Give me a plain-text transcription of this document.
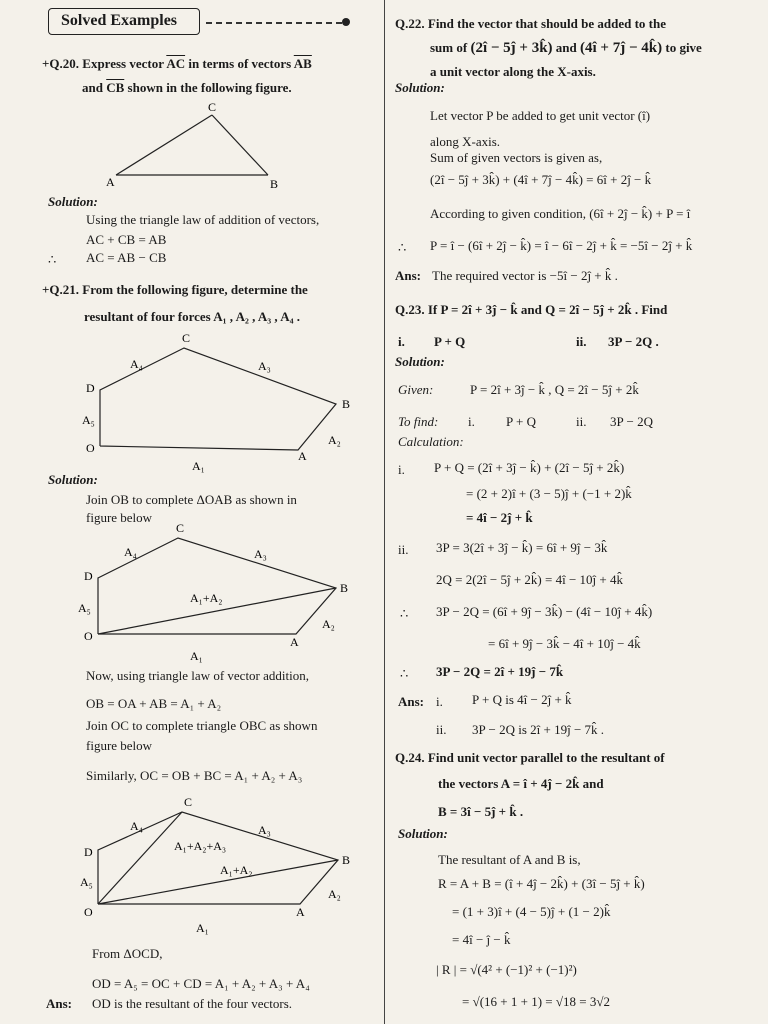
Solved Examples
+Q.20. Express vector $\overline{AC}$ in terms of vectors $\overline{AB}$
and $\overline{CB}$ shown in the following figure.
C
A	B
Solution:
Using the triangle law of addition of vectors,
AC + CB = AB
∴ AC = AB − CB
+Q.21. From the following figure, determine the
resultant of four forces A₁ , A₂ , A₃ , A₄ .
C
D
B
O
A
A₁
A₂
A₃
A₄
A₅
Solution:
Join OB to complete ΔOAB as shown in
figure below
C
D
B
O	A
A₁
A₂
A₃
A₄
A₅
A₁+A₂
Now, using triangle law of vector addition,
OB = OA + AB = A₁ + A₂
Join OC to complete triangle OBC as shown
figure below
Similarly, OC = OB + BC = A₁ + A₂ + A₃
C
D
B
O	A
A₁
A₂
A₃
A₄
A₅
A₁+A₂+A₃
A₁+A₂
From ΔOCD,
OD = A₅ = OC + CD = A₁ + A₂ + A₃ + A₄
Ans: OD is the resultant of the four vectors.
Q.22. Find the vector that should be added to the
sum of (2î − 5ĵ + 3k̂) and (4î + 7ĵ − 4k̂) to give
a unit vector along the X-axis.
Solution:
Let vector P be added to get unit vector (î)
along X-axis.
Sum of given vectors is given as,
(2î − 5ĵ + 3k̂) + (4î + 7ĵ − 4k̂) = 6î + 2ĵ − k̂
According to given condition, (6î + 2ĵ − k̂) + P = î
∴ P = î − (6î + 2ĵ − k̂) = î − 6î − 2ĵ + k̂ = −5î − 2ĵ + k̂
Ans: The required vector is −5î − 2ĵ + k̂ .
Q.23. If P = 2î + 3ĵ − k̂ and Q = 2î − 5ĵ + 2k̂ . Find
i. P + Q	ii. 3P − 2Q .
Solution:
Given:	P = 2î + 3ĵ − k̂ , Q = 2î − 5ĵ + 2k̂
To find: i. P + Q	ii. 3P − 2Q
Calculation:
i. P + Q = (2î + 3ĵ − k̂) + (2î − 5ĵ + 2k̂)
= (2 + 2)î + (3 − 5)ĵ + (−1 + 2)k̂
= 4î − 2ĵ + k̂
ii. 3P = 3(2î + 3ĵ − k̂) = 6î + 9ĵ − 3k̂
2Q = 2(2î − 5ĵ + 2k̂) = 4î − 10ĵ + 4k̂
∴ 3P − 2Q = (6î + 9ĵ − 3k̂) − (4î − 10ĵ + 4k̂)
= 6î + 9ĵ − 3k̂ − 4î + 10ĵ − 4k̂
∴ 3P − 2Q = 2î + 19ĵ − 7k̂
Ans: i. P + Q is 4î − 2ĵ + k̂
ii. 3P − 2Q is 2î + 19ĵ − 7k̂ .
Q.24. Find unit vector parallel to the resultant of
the vectors A = î + 4ĵ − 2k̂ and
B = 3î − 5ĵ + k̂ .
Solution:
The resultant of A and B is,
R = A + B = (î + 4ĵ − 2k̂) + (3î − 5ĵ + k̂)
= (1 + 3)î + (4 − 5)ĵ + (1 − 2)k̂
= 4î − ĵ − k̂
| R | = √(4² + (−1)² + (−1)²)
= √(16 + 1 + 1) = √18 = 3√2
